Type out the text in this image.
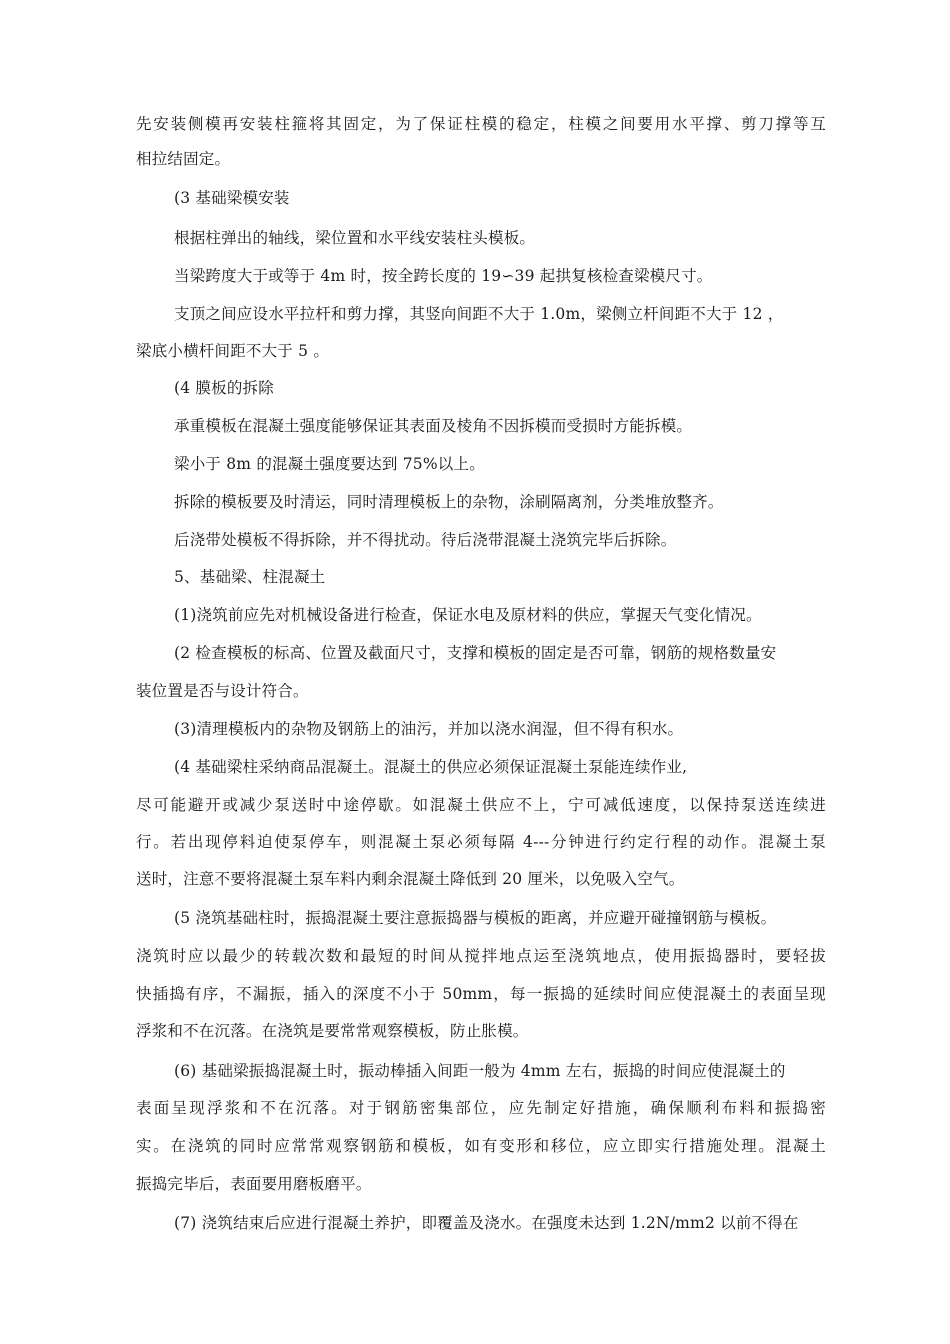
先安装侧模再安装柱箍将其固定，为了保证柱模的稳定，柱模之间要用水平撑、剪刀撑等互
相拉结固定。
(3 基础梁模安装
根据柱弹出的轴线，梁位置和水平线安装柱头模板。
当梁跨度大于或等于 4m 时，按全跨长度的 19∽39 起拱复核检查梁模尺寸。
支顶之间应设水平拉杆和剪力撑，其竖向间距不大于 1.0m，梁侧立杆间距不大于 12 ，
梁底小横杆间距不大于 5 。
(4 膜板的拆除
承重模板在混凝土强度能够保证其表面及棱角不因拆模而受损时方能拆模。
梁小于 8m 的混凝土强度要达到 75%以上。
拆除的模板要及时清运，同时清理模板上的杂物，涂刷隔离剂，分类堆放整齐。
后浇带处模板不得拆除，并不得扰动。待后浇带混凝土浇筑完毕后拆除。
5、基础梁、柱混凝土
(1)浇筑前应先对机械设备进行检查，保证水电及原材料的供应，掌握天气变化情况。
(2 检查模板的标高、位置及截面尺寸，支撑和模板的固定是否可靠，钢筋的规格数量安
装位置是否与设计符合。
(3)清理模板内的杂物及钢筋上的油污，并加以浇水润湿，但不得有积水。
(4 基础梁柱采纳商品混凝土。混凝土的供应必须保证混凝土泵能连续作业,
尽可能避开或减少泵送时中途停歇。如混凝土供应不上，宁可减低速度，以保持泵送连续进
行。若出现停料迫使泵停车，则混凝土泵必须每隔 4---分钟进行约定行程的动作。混凝土泵
送时，注意不要将混凝土泵车料内剩余混凝土降低到 20 厘米，以免吸入空气。
(5 浇筑基础柱时，振捣混凝土要注意振捣器与模板的距离，并应避开碰撞钢筋与模板。
浇筑时应以最少的转载次数和最短的时间从搅拌地点运至浇筑地点，使用振捣器时，要轻拔
快插捣有序，不漏振，插入的深度不小于 50mm，每一振捣的延续时间应使混凝土的表面呈现
浮浆和不在沉落。在浇筑是要常常观察模板，防止胀模。
(6) 基础梁振捣混凝土时，振动棒插入间距一般为 4mm 左右，振捣的时间应使混凝土的
表面呈现浮浆和不在沉落。对于钢筋密集部位，应先制定好措施，确保顺利布料和振捣密
实。在浇筑的同时应常常观察钢筋和模板，如有变形和移位，应立即实行措施处理。混凝土
振捣完毕后，表面要用磨板磨平。
(7) 浇筑结束后应进行混凝土养护，即覆盖及浇水。在强度未达到 1.2N/mm2 以前不得在
